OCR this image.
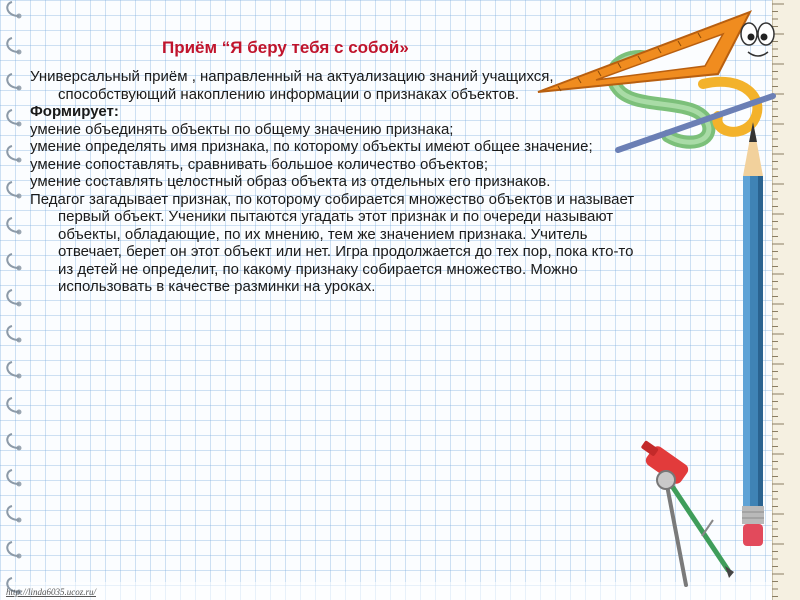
Приём “Я беру тебя с собой»

Универсальный приём , направленный на актуализацию знаний учащихся, способствующий накоплению информации о признаках объектов.

Формирует:

умение объединять объекты по общему значению признака;

умение определять имя признака, по которому объекты имеют общее значение;

умение сопоставлять, сравнивать большое количество объектов;

умение составлять целостный образ объекта из отдельных его признаков.

Педагог загадывает признак, по которому собирается множество объектов и называет первый объект. Ученики пытаются угадать этот признак и по очереди называют объекты, обладающие, по их мнению, тем же значением признака. Учитель отвечает, берет он этот объект или нет. Игра продолжается до тех пор, пока кто-то из детей не определит, по какому признаку собирается множество. Можно использовать в качестве разминки на уроках.

http://linda6035.ucoz.ru/
